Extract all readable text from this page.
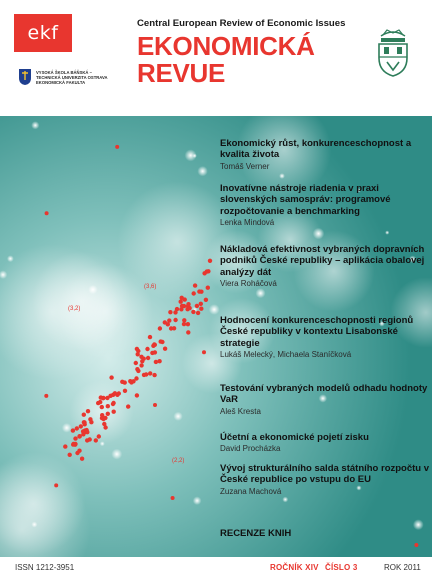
ekf
VYSOKÁ ŠKOLA BÁŇSKÁ –
TECHNICKÁ UNIVERZITA OSTRAVA
EKONOMICKÁ FAKULTA
Central European Review of Economic Issues
EKONOMICKÁ
REVUE
(3,6)
(3,2)
(2,2)
Ekonomický růst, konkurenceschopnost a kvalita života
Tomáš Verner
Inovatívne nástroje riadenia v praxi slovenských samospráv: programové rozpočtovanie a benchmarking
Lenka Mindová
Nákladová efektivnost vybraných dopravních podniků České republiky – aplikácia obalovej analýzy dát
Viera Roháčová
Hodnocení konkurenceschopnosti regionů České republiky v kontextu Lisabonské strategie
Lukáš Melecký, Michaela Staníčková
Testování vybraných modelů odhadu hodnoty VaR
Aleš Kresta
Účetní a ekonomické pojetí zisku
David Procházka
Vývoj strukturálního salda státního rozpočtu v České republice po vstupu do EU
Zuzana Machová
RECENZE KNIH
ISSN 1212-3951	ROČNÍK XIV ČÍSLO 3	ROK 2011
